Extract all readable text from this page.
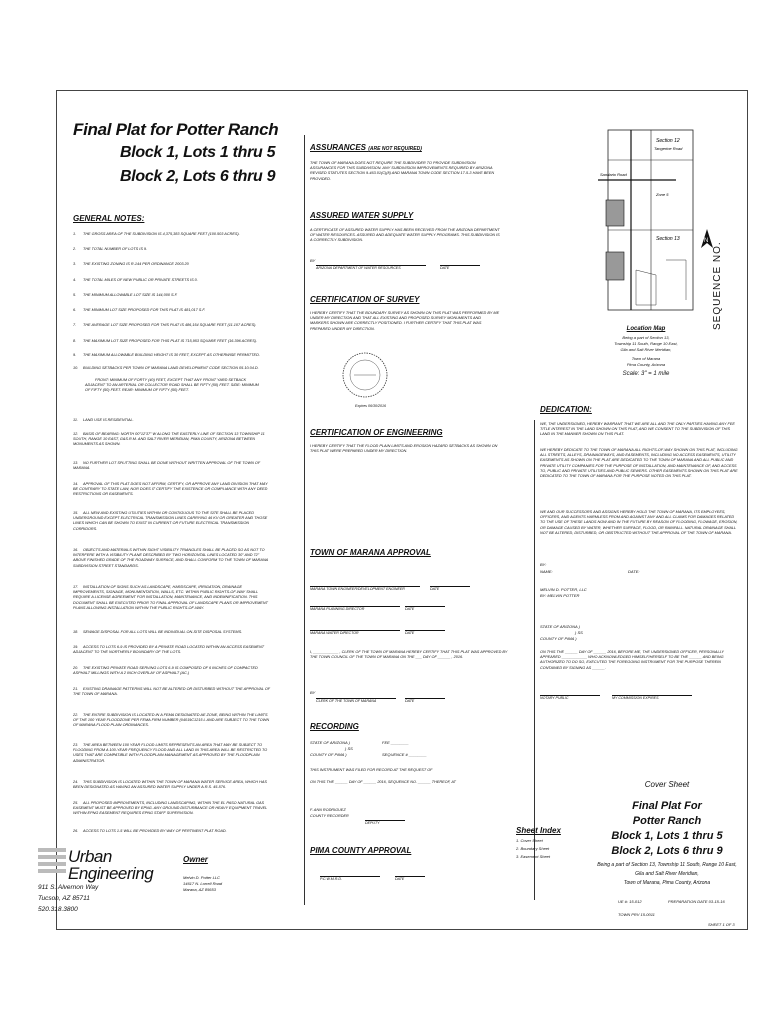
Final Plat for Potter Ranch
Block 1, Lots 1 thru 5
Block 2, Lots 6 thru 9
GENERAL NOTES:
1. THE GROSS AREA OF THE SUBDIVISION IS 4,375,383 SQUARE FEET (100.503 ACRES).
2. THE TOTAL NUMBER OF LOTS IS 9.
3. THE EXISTING ZONING IS R-144 PER ORDINANCE 2003.20
4. THE TOTAL MILES OF NEW PUBLIC OR PRIVATE STREETS IS 0.
5. THE MINIMUM ALLOWABLE LOT SIZE IS 144,000 S.F.
6. THE MINIMUM LOT SIZE PROPOSED FOR THIS PLAT IS 481,017 S.F.
7. THE AVERAGE LOT SIZE PROPOSED FOR THIS PLAT IS 486,154 SQUARE FEET (11.107 ACRES).
8. THE MAXIMUM LOT SIZE PROPOSED FOR THIS PLAT IS 715,953 SQUARE FEET (16.396 ACRES).
9. THE MAXIMUM ALLOWABLE BUILDING HEIGHT IS 30 FEET, EXCEPT AS OTHERWISE PERMITTED.
10. BUILDING SETBACKS PER TOWN OF MARANA LAND DEVELOPMENT CODE SECTION 05.10.04.D.
FRONT: MINIMUM OF FORTY (40) FEET, EXCEPT THAT ANY FRONT YARD SETBACK ADJACENT TO AN ARTERIAL OR COLLECTOR ROAD SHALL BE FIFTY (50) FEET. SIDE: MINIMUM OF FIFTY (50) FEET. REAR: MINIMUM OF FIFTY (50) FEET.
11. LAND USE IS RESIDENTIAL.
12. BASIS OF BEARING: NORTH 00°12'37" W ALONG THE EASTERLY LINE OF SECTION 13 TOWNSHIP 11 SOUTH, RANGE 10 EAST, G&S.R.M. AND SALT RIVER MERIDIAN, PIMA COUNTY, ARIZONA BETWEEN MONUMENTS AS SHOWN.
13. NO FURTHER LOT SPLITTING SHALL BE DONE WITHOUT WRITTEN APPROVAL OF THE TOWN OF MARANA.
14. APPROVAL OF THIS PLAT DOES NOT AFFIRM, CERTIFY, OR APPROVE ANY LAND DIVISION THAT MAY BE CONTRARY TO STATE LAW, NOR DOES IT CERTIFY THE EXISTENCE OR COMPLIANCE WITH ANY DEED RESTRICTIONS OR EASEMENTS.
15. ALL NEW AND EXISTING UTILITIES WITHIN OR CONTIGUOUS TO THE SITE SHALL BE PLACED UNDERGROUND EXCEPT ELECTRICAL TRANSMISSION LINES CARRYING 46 KV OR GREATER AND THOSE LINES WHICH CAN BE SHOWN TO EXIST IN CURRENT OR FUTURE ELECTRICAL TRANSMISSION CORRIDORS.
16. OBJECTS AND MATERIALS WITHIN SIGHT VISIBILITY TRIANGLES SHALL BE PLACED SO AS NOT TO INTERFERE WITH A VISIBILITY PLANE DESCRIBED BY TWO HORIZONTAL LINES LOCATED 30" AND 72" ABOVE FINISHED GRADE OF THE ROADWAY SURFACE, AND SHALL CONFORM TO THE TOWN OF MARANA SUBDIVISION STREET STANDARDS.
17. INSTALLATION OF SIGNS SUCH AS LANDSCAPE, HARDSCAPE, IRRIGATION, DRAINAGE IMPROVEMENTS, SIGNAGE, MONUMENTATION, WALLS, ETC. WITHIN PUBLIC RIGHTS-OF-WAY SHALL REQUIRE A LICENSE AGREEMENT FOR INSTALLATION, MAINTENANCE, AND INDEMNIFICATION. THIS DOCUMENT SHALL BE EXECUTED PRIOR TO FINAL APPROVAL OF LANDSCAPE PLANS OR IMPROVEMENT PLANS ALLOWING INSTALLATION WITHIN THE PUBLIC RIGHTS-OF-WAY.
18. SEWAGE DISPOSAL FOR ALL LOTS WILL BE INDIVIDUAL ON-SITE DISPOSAL SYSTEMS.
19. ACCESS TO LOTS 6-9 IS PROVIDED BY A PRIVATE ROAD LOCATED WITHIN AN ACCESS EASEMENT ADJACENT TO THE NORTHERLY BOUNDARY OF THE LOTS.
20. THE EXISTING PRIVATE ROAD SERVING LOTS 6-9 IS COMPOSED OF 6 INCHES OF COMPACTED ASPHALT MILLINGS WITH A 2 INCH OVERLAY OF ASPHALT (AC.)
21. EXISTING DRAINAGE PATTERNS WILL NOT BE ALTERED OR DISTURBED WITHOUT THE APPROVAL OF THE TOWN OF MARANA.
22. THE ENTIRE SUBDIVISION IS LOCATED IN A FEMA DESIGNATED AE ZONE, BEING WITHIN THE LIMITS OF THE 100 YEAR FLOODZONE PER FEMA FIRM NUMBER (04019C1215 L AND ARE SUBJECT TO THE TOWN OF MARANA FLOOD PLAIN ORDINANCES.
23. THE AREA BETWEEN 100 YEAR FLOOD LIMITS REPRESENTS AN AREA THAT MAY BE SUBJECT TO FLOODING FROM A 100-YEAR FREQUENCY FLOOD AND ALL LAND IN THIS AREA WILL BE RESTRICTED TO USES THAT ARE COMPATIBLE WITH FLOODPLAIN MANAGEMENT AS APPROVED BY THE FLOODPLAIN ADMINISTRATOR.
24. THIS SUBDIVISION IS LOCATED WITHIN THE TOWN OF MARANA WATER SERVICE AREA, WHICH HAS BEEN DESIGNATED AS HAVING AN ASSURED WATER SUPPLY UNDER A.R.S. 45-576.
25. ALL PROPOSED IMPROVEMENTS, INCLUDING LANDSCAPING, WITHIN THE EL PASO NATURAL GAS EASEMENT MUST BE APPROVED BY EPNG. ANY GROUND DISTURBANCE OR HEAVY EQUIPMENT TRAVEL WITHIN EPNG EASEMENT REQUIRES EPNG STAFF SUPERVISION.
26. ACCESS TO LOTS 1-5 WILL BE PROVIDED BY WAY OF PERTINENT PLAT ROAD.
ASSURANCES (ARE NOT REQUIRED)
THE TOWN OF MARANA DOES NOT REQUIRE THE SUBDIVIDER TO PROVIDE SUBDIVISION ASSURANCES FOR THIS SUBDIVISION. ANY SUBDIVISION IMPROVEMENTS REQUIRED BY ARIZONA REVISED STATUTES SECTION 9-463.01(C)(8) AND MARANA TOWN CODE SECTION 17-5-3 HAVE BEEN PROVIDED.
ASSURED WATER SUPPLY
A CERTIFICATE OF ASSURED WATER SUPPLY HAS BEEN RECEIVED FROM THE ARIZONA DEPARTMENT OF WATER RESOURCES. ASSURED AND ADEQUATE WATER SUPPLY PROGRAMS. THIS SUBDIVISION IS A CORRECTLY SUBDIVISION.
BY
ARIZONA DEPARTMENT OF WATER RESOURCES	DATE
CERTIFICATION OF SURVEY
I HEREBY CERTIFY THAT THE BOUNDARY SURVEY AS SHOWN ON THIS PLAT WAS PERFORMED BY ME UNDER MY DIRECTION AND THAT ALL EXISTING AND PROPOSED SURVEY MONUMENTS AND MARKERS SHOWN ARE CORRECTLY POSITIONED. I FURTHER CERTIFY THAT THIS PLAT WAS PREPARED UNDER MY DIRECTION.
Expires 06/30/2016
CERTIFICATION OF ENGINEERING
I HEREBY CERTIFY THAT THE FLOOD PLAIN LIMITS AND EROSION HAZARD SETBACKS AS SHOWN ON THIS PLAT WERE PREPARED UNDER MY DIRECTION.
TOWN OF MARANA APPROVAL
MARANA TOWN ENGINEER/DEVELOPMENT ENGINEER	DATE
MARANA PLANNING DIRECTOR	DATE
MARANA WATER DIRECTOR	DATE
I, ____________ , CLERK OF THE TOWN OF MARANA HEREBY CERTIFY THAT THIS PLAT WAS APPROVED BY THE TOWN COUNCIL OF THE TOWN OF MARANA ON THE ___ DAY OF ______ , 2016.
BY
CLERK OF THE TOWN OF MARANA	DATE
RECORDING
STATE OF ARIZONA )
) SS
FEE ________
COUNTY OF PIMA )	SEQUENCE # ________
THIS INSTRUMENT WAS FILED FOR RECORD AT THE REQUEST OF
ON THIS THE ______ DAY OF ______ 2016, SEQUENCE NO. ______ THEREOF, AT
F. ANN RODRIGUEZ
COUNTY RECORDER
DEPUTY
PIMA COUNTY APPROVAL
P.C.W.M.R.D.	DATE
DEDICATION:
WE, THE UNDERSIGNED, HEREBY WARRANT THAT WE ARE ALL AND THE ONLY PARTIES HAVING ANY FEE TITLE INTEREST IN THE LAND SHOWN ON THIS PLAT, AND WE CONSENT TO THE SUBDIVISION OF THIS LAND IN THE MANNER SHOWN ON THIS PLAT.
WE HEREBY DEDICATE TO THE TOWN OF MARANA ALL RIGHTS-OF-WAY SHOWN ON THIS PLAT, INCLUDING ALL STREETS, ALLEYS, DRAINAGEWAYS, AND EASEMENTS, INCLUDING NO ACCESS EASEMENTS, UTILITY EASEMENTS AS SHOWN ON THE PLAT ARE DEDICATED TO THE TOWN OF MARANA AND ALL PUBLIC AND PRIVATE UTILITY COMPANIES FOR THE PURPOSE OF INSTALLATION, AND MAINTENANCE OF, AND ACCESS TO, PUBLIC AND PRIVATE UTILITIES AND PUBLIC SEWERS. OTHER EASEMENTS SHOWN ON THIS PLAT ARE DEDICATED TO THE TOWN OF MARANA FOR THE PURPOSE NOTED ON THIS PLAT.
WE AND OUR SUCCESSORS AND ASSIGNS HEREBY HOLD THE TOWN OF MARANA, ITS EMPLOYEES, OFFICERS, AND AGENTS HARMLESS FROM AND AGAINST ANY AND ALL CLAIMS FOR DAMAGES RELATED TO THE USE OF THESE LANDS NOW AND IN THE FUTURE BY REASON OF FLOODING, FLOWAGE, EROSION, OR DAMAGE CAUSED BY WATER, WHETHER SURFACE, FLOOD, OR RAINFALL. NATURAL DRAINAGE SHALL NOT BE ALTERED, DISTURBED, OR OBSTRUCTED WITHOUT THE APPROVAL OF THE TOWN OF MARANA.
BY:
NAME:	DATE:
MELVIN D. POTTER, LLC
BY: MELVIN POTTER
STATE OF ARIZONA )
) SS
COUNTY OF PIMA )
ON THIS THE ______ DAY OF ______ 2016, BEFORE ME, THE UNDERSIGNED OFFICER, PERSONALLY APPEARED ____________ WHO ACKNOWLEDGED HIMSELF/HERSELF TO BE THE ______ AND BEING AUTHORIZED TO DO SO, EXECUTED THE FOREGOING INSTRUMENT FOR THE PURPOSE THEREIN CONTAINED BY SIGNING AS ______.
NOTARY PUBLIC	MY COMMISSION EXPIRES
Section 12
Section 13
Tangerine Road
Sandario Road
Zone 5
N
Location Map
Being a part of Section 13,
Township 11 South, Range 10 East,
Gila and Salt River Meridian,
Town of Marana
Pima County, Arizona
Scale: 3" = 1 mile
SEQUENCE NO.
Urban
Engineering
911 S. Alvernon Way
Tucson, AZ 85711
520.318.3800
Owner
Melvin D. Potter LLC
14617 N. Lorrell Road
Marana, AZ 85653
Sheet Index
1. Cover Sheet
2. Boundary Sheet
3. Easement Sheet
Cover Sheet
Final Plat For
Potter Ranch
Block 1, Lots 1 thru 5
Block 2, Lots 6 thru 9
Being a part of Section 13, Township 11 South, Range 10 East,
Gila and Salt River Meridian,
Town of Marana, Pima County, Arizona
UE #: 15-012	PREPARATION DATE 03-15-16
TOWN PRV 15-0011
SHEET 1 OF 3
